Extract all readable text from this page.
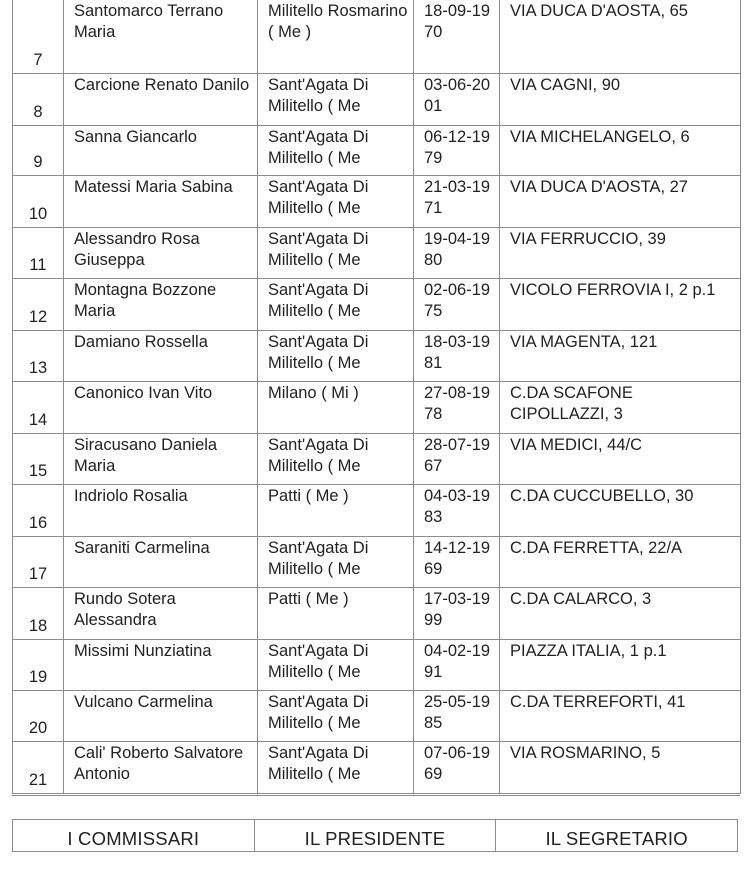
7	Santomarco Terrano Maria	Militello Rosmarino ( Me )	18-09-1970	VIA DUCA D'AOSTA, 65

8	Carcione Renato Danilo	Sant'Agata Di Militello ( Me	03-06-2001	VIA CAGNI, 90

9	Sanna Giancarlo	Sant'Agata Di Militello ( Me	06-12-1979	VIA MICHELANGELO, 6

10	Matessi Maria Sabina	Sant'Agata Di Militello ( Me	21-03-1971	VIA DUCA D'AOSTA, 27

11	Alessandro Rosa Giuseppa	Sant'Agata Di Militello ( Me	19-04-1980	VIA FERRUCCIO, 39

12	Montagna Bozzone Maria	Sant'Agata Di Militello ( Me	02-06-1975	VICOLO FERROVIA I, 2 p.1

13	Damiano Rossella	Sant'Agata Di Militello ( Me	18-03-1981	VIA MAGENTA, 121

14	Canonico Ivan Vito	Milano ( Mi )	27-08-1978	C.DA SCAFONE CIPOLLAZZI, 3

15	Siracusano Daniela Maria	Sant'Agata Di Militello ( Me	28-07-1967	VIA MEDICI, 44/C

16	Indriolo Rosalia	Patti ( Me )	04-03-1983	C.DA CUCCUBELLO, 30

17	Saraniti Carmelina	Sant'Agata Di Militello ( Me	14-12-1969	C.DA FERRETTA, 22/A

18	Rundo Sotera Alessandra	Patti ( Me )	17-03-1999	C.DA CALARCO, 3

19	Missimi Nunziatina	Sant'Agata Di Militello ( Me	04-02-1991	PIAZZA ITALIA, 1 p.1

20	Vulcano Carmelina	Sant'Agata Di Militello ( Me	25-05-1985	C.DA TERREFORTI, 41

21	Cali' Roberto Salvatore Antonio	Sant'Agata Di Militello ( Me	07-06-1969	VIA ROSMARINO, 5
I COMMISSARI	IL PRESIDENTE	IL SEGRETARIO
